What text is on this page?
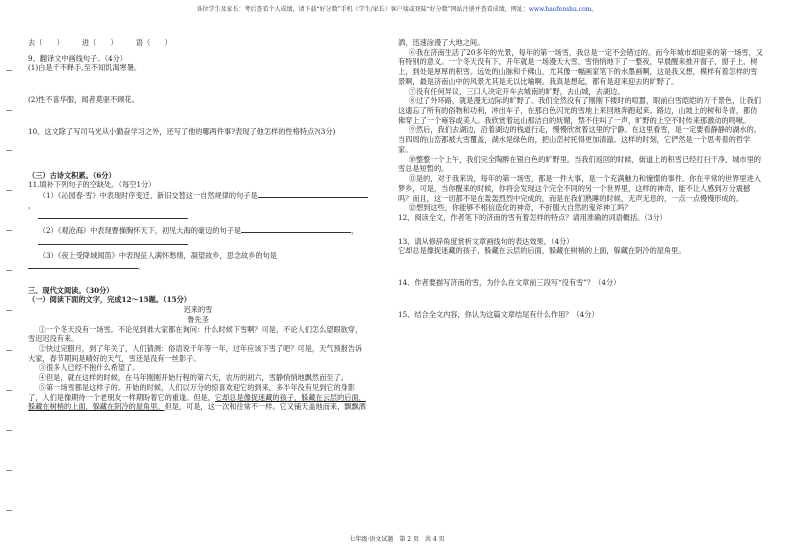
各位学生及家长：考后查看个人成绩，请下载“好分数”手机（学生/家长）客户端或登陆“好分数”网站注册并查看成绩，网址：www.haofenshu.com。

去（　　）　　　进（　　）　　　语（　　）

9、翻译文中画线句子。（4分）

(1)白是千不释手,至不知饥渴寒暑。

(2)性不喜华服，闻者莫驱不顾花。

10、这文除了写司马光从小勤奋学习之外，还写了他的哪两件事?表现了他怎样的性格特点?(3分)

（三）古诗文积累。（6分）

11.填补下列句子的空缺处。（每空1分）

（1）《沁园春·雪》中表现时序变迁、新旧交替这一自然规律的句子是，

（2）《观沧海》中表现曹操胸怀天下，初见大海的豪迈的句子是	，

（3）《夜上受降城闻笛》中表现征人满怀愁绪，凝望故乡，思念故乡的句是。

三、现代文阅读。（30分）

（一）阅读下面的文字，完成12～15题。（15分）

迟来的雪

鲁先圣

①一个冬天没有一场雪。不论见到谁大家都在询问：什么时候下雪啊？可是，不论人们怎么望眼欲穿，雪迟迟没有来。

②快过完腊月，到了年关了，人们猜测：俗语说千年等一年，过年应该下雪了吧？可是，天气预报告诉大家，春节期间是晴好的天气，雪还是没有一丝影子。

③很多人已经不抱什么希望了。

④但是，就在这样的时候，在马年刚刚开始行程的第六天，农历的初六，雪静悄悄地飘然而至了。

⑤第一场雪都是这样子的。开始的时候，人们以万分的惊喜欢迎它的到来，多半年没有见到它的身影了，人们是像期待一个老朋友一样期盼着它的重逢。但是，它却总是像捉迷藏的孩子，躲藏在云层的后面，躲藏在树梢的上面，躲藏在阴冷的屋角里。但是，可是，这一次和往常不一样。它又铺天盖地而来，飘飘洒

洒，迅速涂漫了大地之间。

⑥我在济南生活了20多年的光景，每年的第一场雪，我总是一定不会错过的。而今年城市却迎来的第一场雪，又有特别的意义。一个冬天没有下，开年就是一场漫天大雪，雪悄悄地下了一整夜，早晨醒来推开窗子，窗子上、树上，到处是厚厚的积雪。远处的山脉和千佛山，尤其像一幅画家笔下的水墨画啊，这是我又想，模样有着怎样的雪景啊，最是济南山中的风景尤其是无以比喻啊。我真是想起，都有是迎来迎去的旷野了。

⑦没有任何异议，三口人决定开车去城南的旷野，去山城，去湖边。

⑧过了外环路，就是漫无边际的旷野了。我们全然没有了刚刚下楼时的喧嚣，眼前白雪皑皑的万千景色，让我们这遗忘了所有的俗物和功利，冲出车子，在那白色闪光的雪地上来回地奔跑起来。路边，山坡上的树和冬青，都仿佛穿上了一个雍容或美人。我欣赏着远山那洁白的妩媚，禁不住叫了一声，旷野的上空不时传来那激动的鸣啾。

⑨然后，我们去湖边，沿着湖边的栈道行走，慢慢欣赏着这里的宁静。在这里看雪，是一定要看静静的湖水的。当四周的山峦都被大雪覆盖，湖水是绿色的，把山峦衬托得更加清澈。这样的时刻，它俨然是一个思考着的哲学家。

⑩整整一个上午，我们完全陶醉在银白色的旷野里。当我们返回的时候，街道上的积雪已经打扫干净，城市里的雪总是短暂的。

⑪是的，对于我来说，每年的第一场雪，都是一件大事，是一个充满魅力和憧憬的事件。你在平常的世界里进入梦乡，可是，当你醒来的时候，你将会发现这个完全不同的另一个世界里，这样的神奇，能不让人感到万分震撼吗？而且，这一切都不是在轰轰烈烈中完成的，而是在我们熟睡的时候，无声无息的，一点一点慢慢形成的。

⑫想到这些，你能够不相信造化的神奇，不折服大自然的鬼斧神工吗？

12、阅读全文，作者笔下的济南的雪有着怎样的特点？请用准确的词语概括。（3分）

13、请从修辞角度赏析文章画线句的表达效果。（4分）

它却总是像捉迷藏的孩子，躲藏在云层的后面，躲藏在树梢的上面，躲藏在阴冷的屋角里。

14、作者要描写济南的雪，为什么在文章前三段写“没有雪”？（4分）

15、结合全文内容，你认为这篇文章结尾有什么作用？（4分）

七年级·语文试题　第 2 页　共 4 页
